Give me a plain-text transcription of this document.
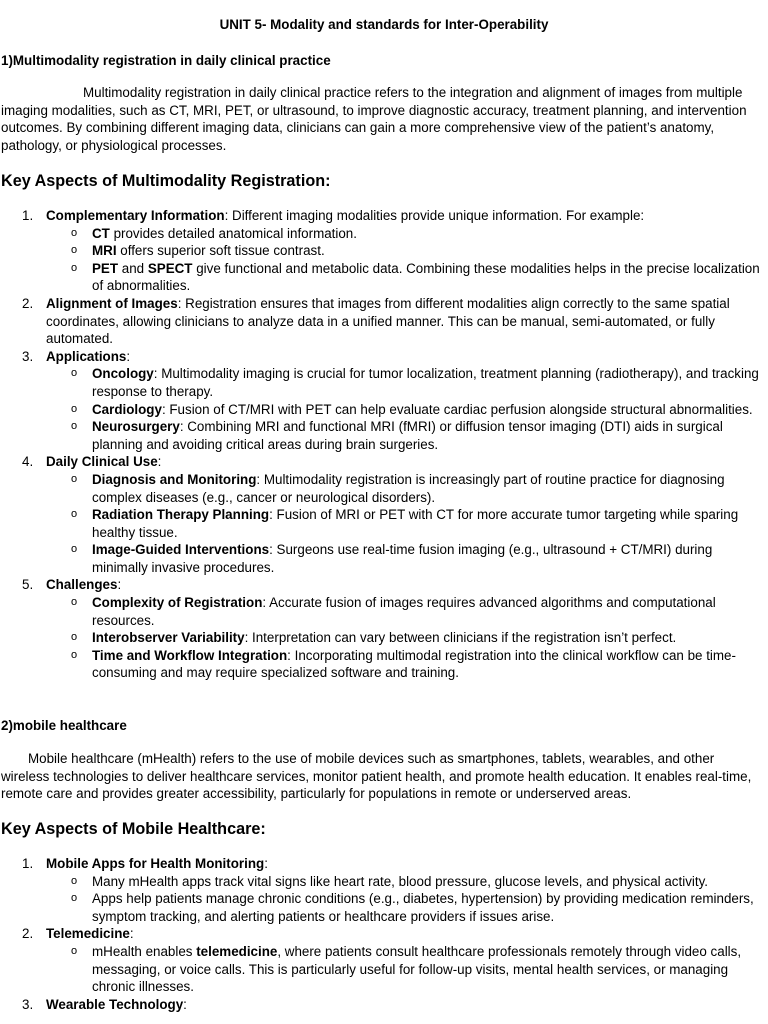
UNIT 5- Modality and standards for Inter-Operability
1)Multimodality registration in daily clinical practice
Multimodality registration in daily clinical practice refers to the integration and alignment of images from multiple imaging modalities, such as CT, MRI, PET, or ultrasound, to improve diagnostic accuracy, treatment planning, and intervention outcomes. By combining different imaging data, clinicians can gain a more comprehensive view of the patient’s anatomy, pathology, or physiological processes.
Key Aspects of Multimodality Registration:
1. Complementary Information: Different imaging modalities provide unique information. For example:
o CT provides detailed anatomical information.
o MRI offers superior soft tissue contrast.
o PET and SPECT give functional and metabolic data. Combining these modalities helps in the precise localization of abnormalities.
2. Alignment of Images: Registration ensures that images from different modalities align correctly to the same spatial coordinates, allowing clinicians to analyze data in a unified manner. This can be manual, semi-automated, or fully automated.
3. Applications:
o Oncology: Multimodality imaging is crucial for tumor localization, treatment planning (radiotherapy), and tracking response to therapy.
o Cardiology: Fusion of CT/MRI with PET can help evaluate cardiac perfusion alongside structural abnormalities.
o Neurosurgery: Combining MRI and functional MRI (fMRI) or diffusion tensor imaging (DTI) aids in surgical planning and avoiding critical areas during brain surgeries.
4. Daily Clinical Use:
o Diagnosis and Monitoring: Multimodality registration is increasingly part of routine practice for diagnosing complex diseases (e.g., cancer or neurological disorders).
o Radiation Therapy Planning: Fusion of MRI or PET with CT for more accurate tumor targeting while sparing healthy tissue.
o Image-Guided Interventions: Surgeons use real-time fusion imaging (e.g., ultrasound + CT/MRI) during minimally invasive procedures.
5. Challenges:
o Complexity of Registration: Accurate fusion of images requires advanced algorithms and computational resources.
o Interobserver Variability: Interpretation can vary between clinicians if the registration isn’t perfect.
o Time and Workflow Integration: Incorporating multimodal registration into the clinical workflow can be time-consuming and may require specialized software and training.
2)mobile healthcare
Mobile healthcare (mHealth) refers to the use of mobile devices such as smartphones, tablets, wearables, and other wireless technologies to deliver healthcare services, monitor patient health, and promote health education. It enables real-time, remote care and provides greater accessibility, particularly for populations in remote or underserved areas.
Key Aspects of Mobile Healthcare:
1. Mobile Apps for Health Monitoring:
o Many mHealth apps track vital signs like heart rate, blood pressure, glucose levels, and physical activity.
o Apps help patients manage chronic conditions (e.g., diabetes, hypertension) by providing medication reminders, symptom tracking, and alerting patients or healthcare providers if issues arise.
2. Telemedicine:
o mHealth enables telemedicine, where patients consult healthcare professionals remotely through video calls, messaging, or voice calls. This is particularly useful for follow-up visits, mental health services, or managing chronic illnesses.
3. Wearable Technology:
